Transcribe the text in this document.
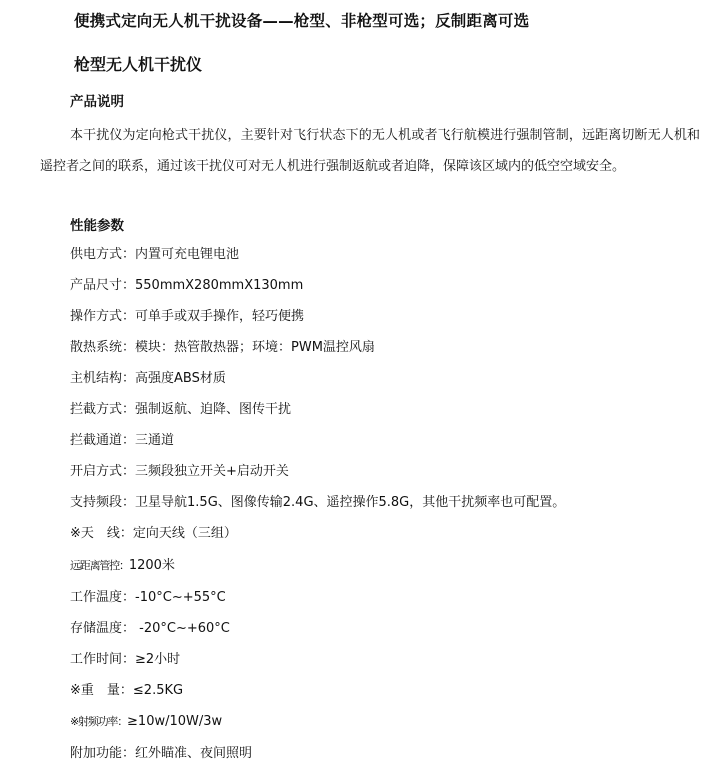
便携式定向无人机干扰设备——枪型、非枪型可选；反制距离可选
枪型无人机干扰仪
产品说明
本干扰仪为定向枪式干扰仪，主要针对飞行状态下的无人机或者飞行航模进行强制管制，远距离切断无人机和遥控者之间的联系，通过该干扰仪可对无人机进行强制返航或者迫降，保障该区域内的低空空域安全。
性能参数
供电方式：内置可充电锂电池
产品尺寸：550mmX280mmX130mm
操作方式：可单手或双手操作，轻巧便携
散热系统：模块：热管散热器；环境：PWM温控风扇
主机结构：高强度ABS材质
拦截方式：强制返航、迫降、图传干扰
拦截通道：三通道
开启方式：三频段独立开关+启动开关
支持频段：卫星导航1.5G、图像传输2.4G、遥控操作5.8G，其他干扰频率也可配置。
※天　线：定向天线（三组）
远距离管控：1200米
工作温度：-10°C~+55°C
存储温度： -20°C~+60°C
工作时间：≥2小时
※重　量：≤2.5KG
※射频功率：≥10w/10W/3w
附加功能：红外瞄准、夜间照明
